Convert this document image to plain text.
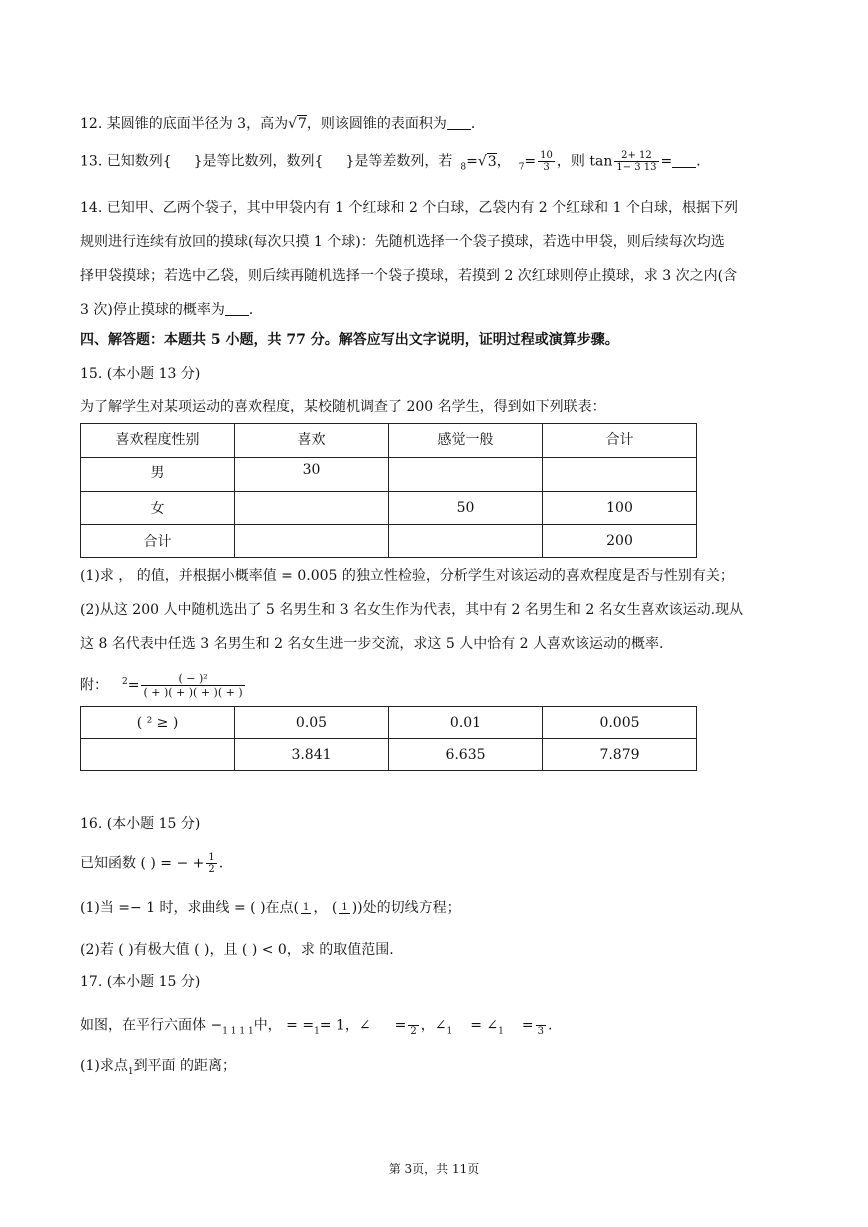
12. 某圆锥的底面半径为 3，高为√7，则该圆锥的表面积为 ．
13. 已知数列{ }是等比数列，数列{ }是等差数列，若 $_8$=√3， $_7= \frac{10}{3}$ ，则 $\tan \frac{2+ 12}{1- 3 13}$ = ．
14. 已知甲、乙两个袋子，其中甲袋内有 1 个红球和 2 个白球，乙袋内有 2 个红球和 1 个白球，根据下列
规则进行连续有放回的摸球(每次只摸 1 个球)：先随机选择一个袋子摸球，若选中甲袋，则后续每次均选
择甲袋摸球；若选中乙袋，则后续再随机选择一个袋子摸球，若摸到 2 次红球则停止摸球，求 3 次之内(含
3 次)停止摸球的概率为 ．
四、解答题：本题共 5 小题，共 77 分。解答应写出文字说明，证明过程或演算步骤。
15. (本小题 13 分)
为了解学生对某项运动的喜欢程度，某校随机调查了 200 名学生，得到如下列联表：
喜欢程度性别	喜欢	感觉一般	合计
男	30		
女		50	100
合计			200
(1)求 ， 的值，并根据小概率值 = 0.005 的独立性检验，分析学生对该运动的喜欢程度是否与性别有关；
(2)从这 200 人中随机选出了 5 名男生和 3 名女生作为代表，其中有 2 名男生和 2 名女生喜欢该运动.现从
这 8 名代表中任选 3 名男生和 2 名女生进一步交流，求这 5 人中恰有 2 人喜欢该运动的概率.
附： $^2= \frac{\text{( − )²}}{( + )( + )( + )( + )}$
( ² ≥ )	0.05	0.01	0.005
	3.841	6.635	7.879
16. (本小题 15 分)
已知函数 ( ) = − + $\frac{1}{2}$ .
(1)当 =− 1 时，求曲线 = ( )在点( 1 ， ( 1 ))处的切线方程；
(2)若 ( )有极大值 ( )，且 ( ) < 0，求 的取值范围.
17. (本小题 15 分)
如图，在平行六面体 $-_{1 1 1 1}$中， = $=_1= 1$，∠ =
2 ，$\angle_1$ = $\angle_1$ =
3 .
(1)求点$_1$到平面 的距离；
第 3页，共 11页
